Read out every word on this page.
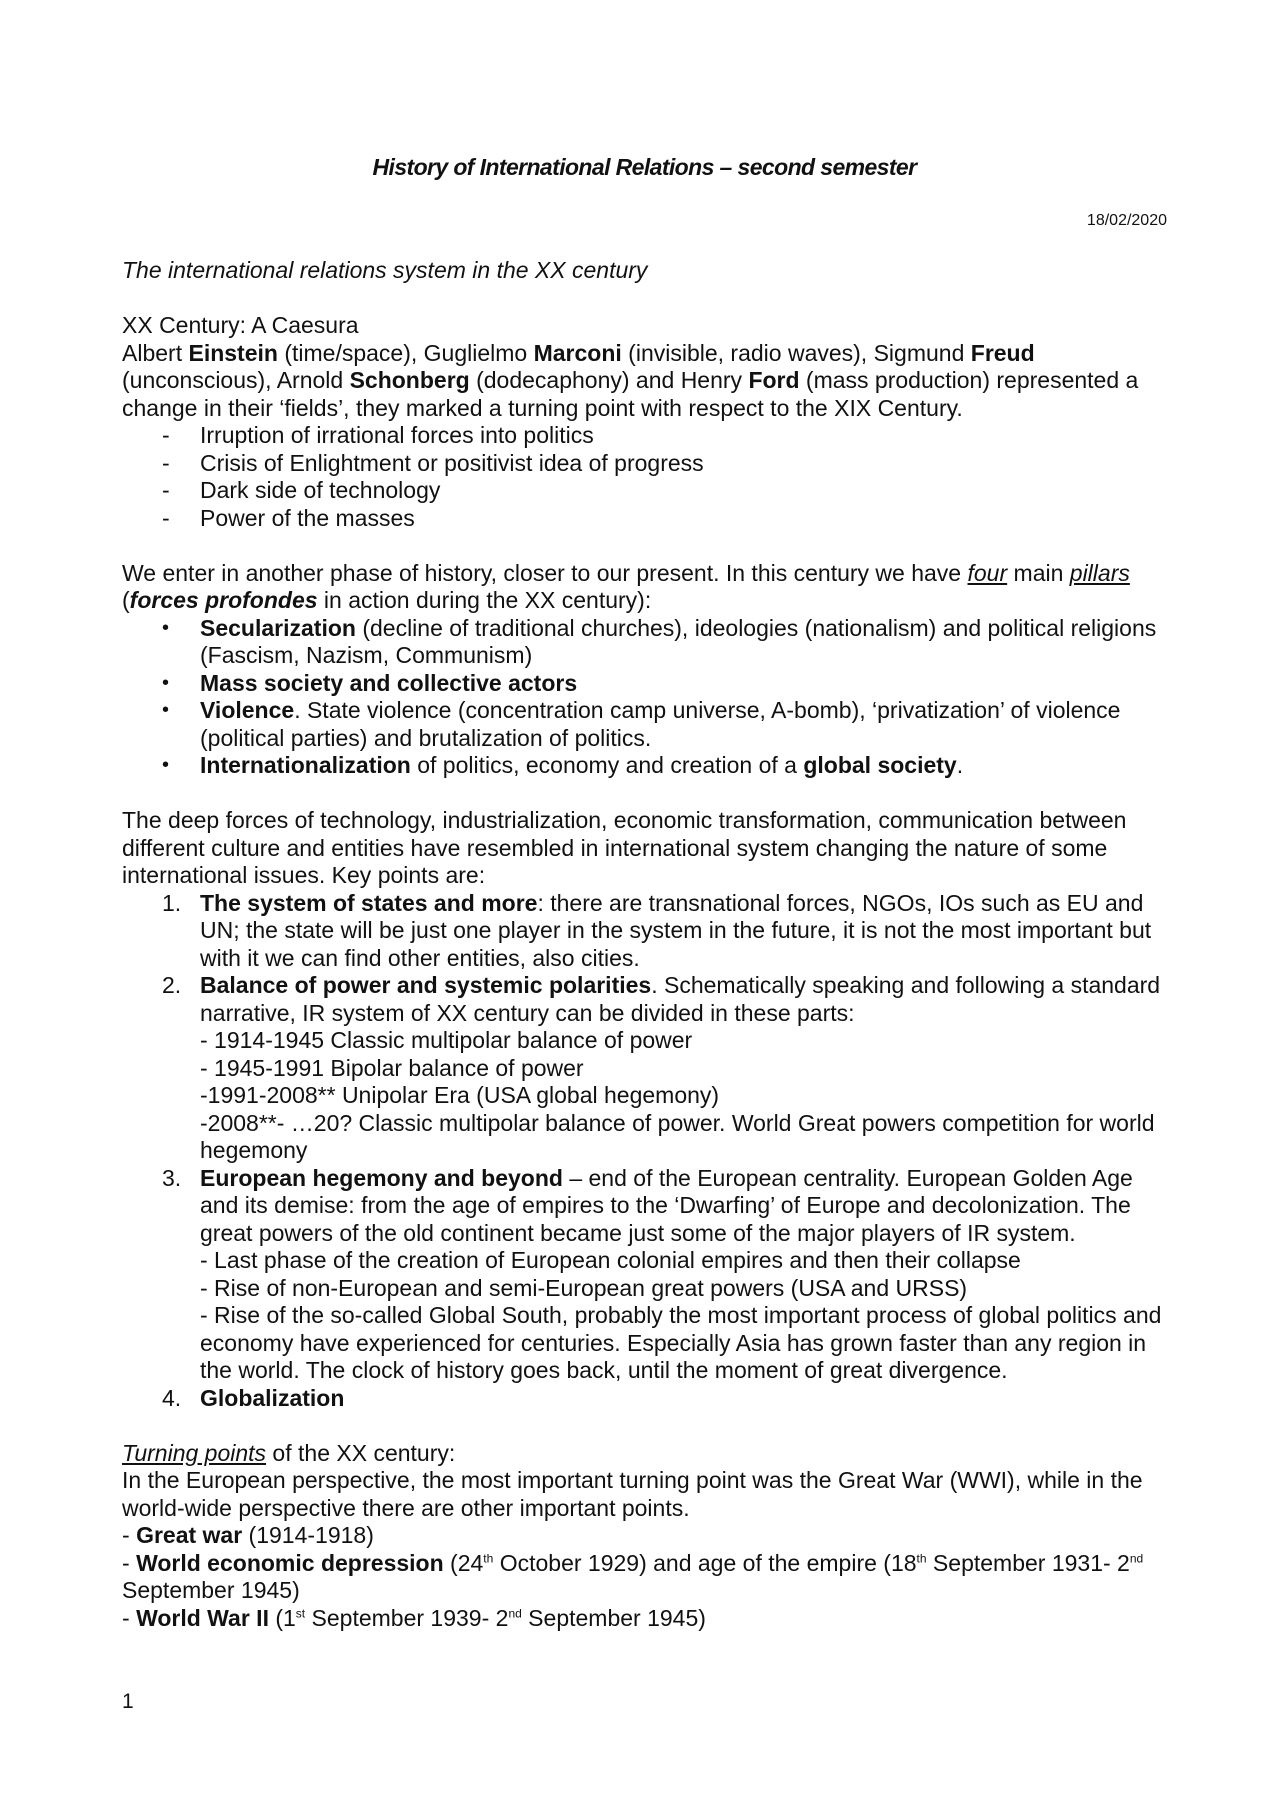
History of International Relations – second semester
18/02/2020

The international relations system in the XX century

XX Century: A Caesura

Albert Einstein (time/space), Guglielmo Marconi (invisible, radio waves), Sigmund Freud (unconscious), Arnold Schonberg (dodecaphony) and Henry Ford (mass production) represented a change in their ‘fields’, they marked a turning point with respect to the XIX Century.

- Irruption of irrational forces into politics
- Crisis of Enlightment or positivist idea of progress
- Dark side of technology
- Power of the masses

We enter in another phase of history, closer to our present. In this century we have four main pillars (forces profondes in action during the XX century):

• Secularization (decline of traditional churches), ideologies (nationalism) and political religions (Fascism, Nazism, Communism)
• Mass society and collective actors
• Violence. State violence (concentration camp universe, A-bomb), ‘privatization’ of violence (political parties) and brutalization of politics.
• Internationalization of politics, economy and creation of a global society.

The deep forces of technology, industrialization, economic transformation, communication between different culture and entities have resembled in international system changing the nature of some international issues. Key points are:

1. The system of states and more: there are transnational forces, NGOs, IOs such as EU and UN; the state will be just one player in the system in the future, it is not the most important but with it we can find other entities, also cities.
2. Balance of power and systemic polarities. Schematically speaking and following a standard narrative, IR system of XX century can be divided in these parts:
- 1914-1945 Classic multipolar balance of power
- 1945-1991 Bipolar balance of power
-1991-2008** Unipolar Era (USA global hegemony)
-2008**- …20? Classic multipolar balance of power. World Great powers competition for world hegemony
3. European hegemony and beyond – end of the European centrality. European Golden Age and its demise: from the age of empires to the ‘Dwarfing’ of Europe and decolonization. The great powers of the old continent became just some of the major players of IR system.
- Last phase of the creation of European colonial empires and then their collapse
- Rise of non-European and semi-European great powers (USA and URSS)
- Rise of the so-called Global South, probably the most important process of global politics and economy have experienced for centuries. Especially Asia has grown faster than any region in the world. The clock of history goes back, until the moment of great divergence.
4. Globalization

Turning points of the XX century:

In the European perspective, the most important turning point was the Great War (WWI), while in the world-wide perspective there are other important points.

- Great war (1914-1918)

- World economic depression (24th October 1929) and age of the empire (18th September 1931- 2nd September 1945)

- World War II (1st September 1939- 2nd September 1945)

1
